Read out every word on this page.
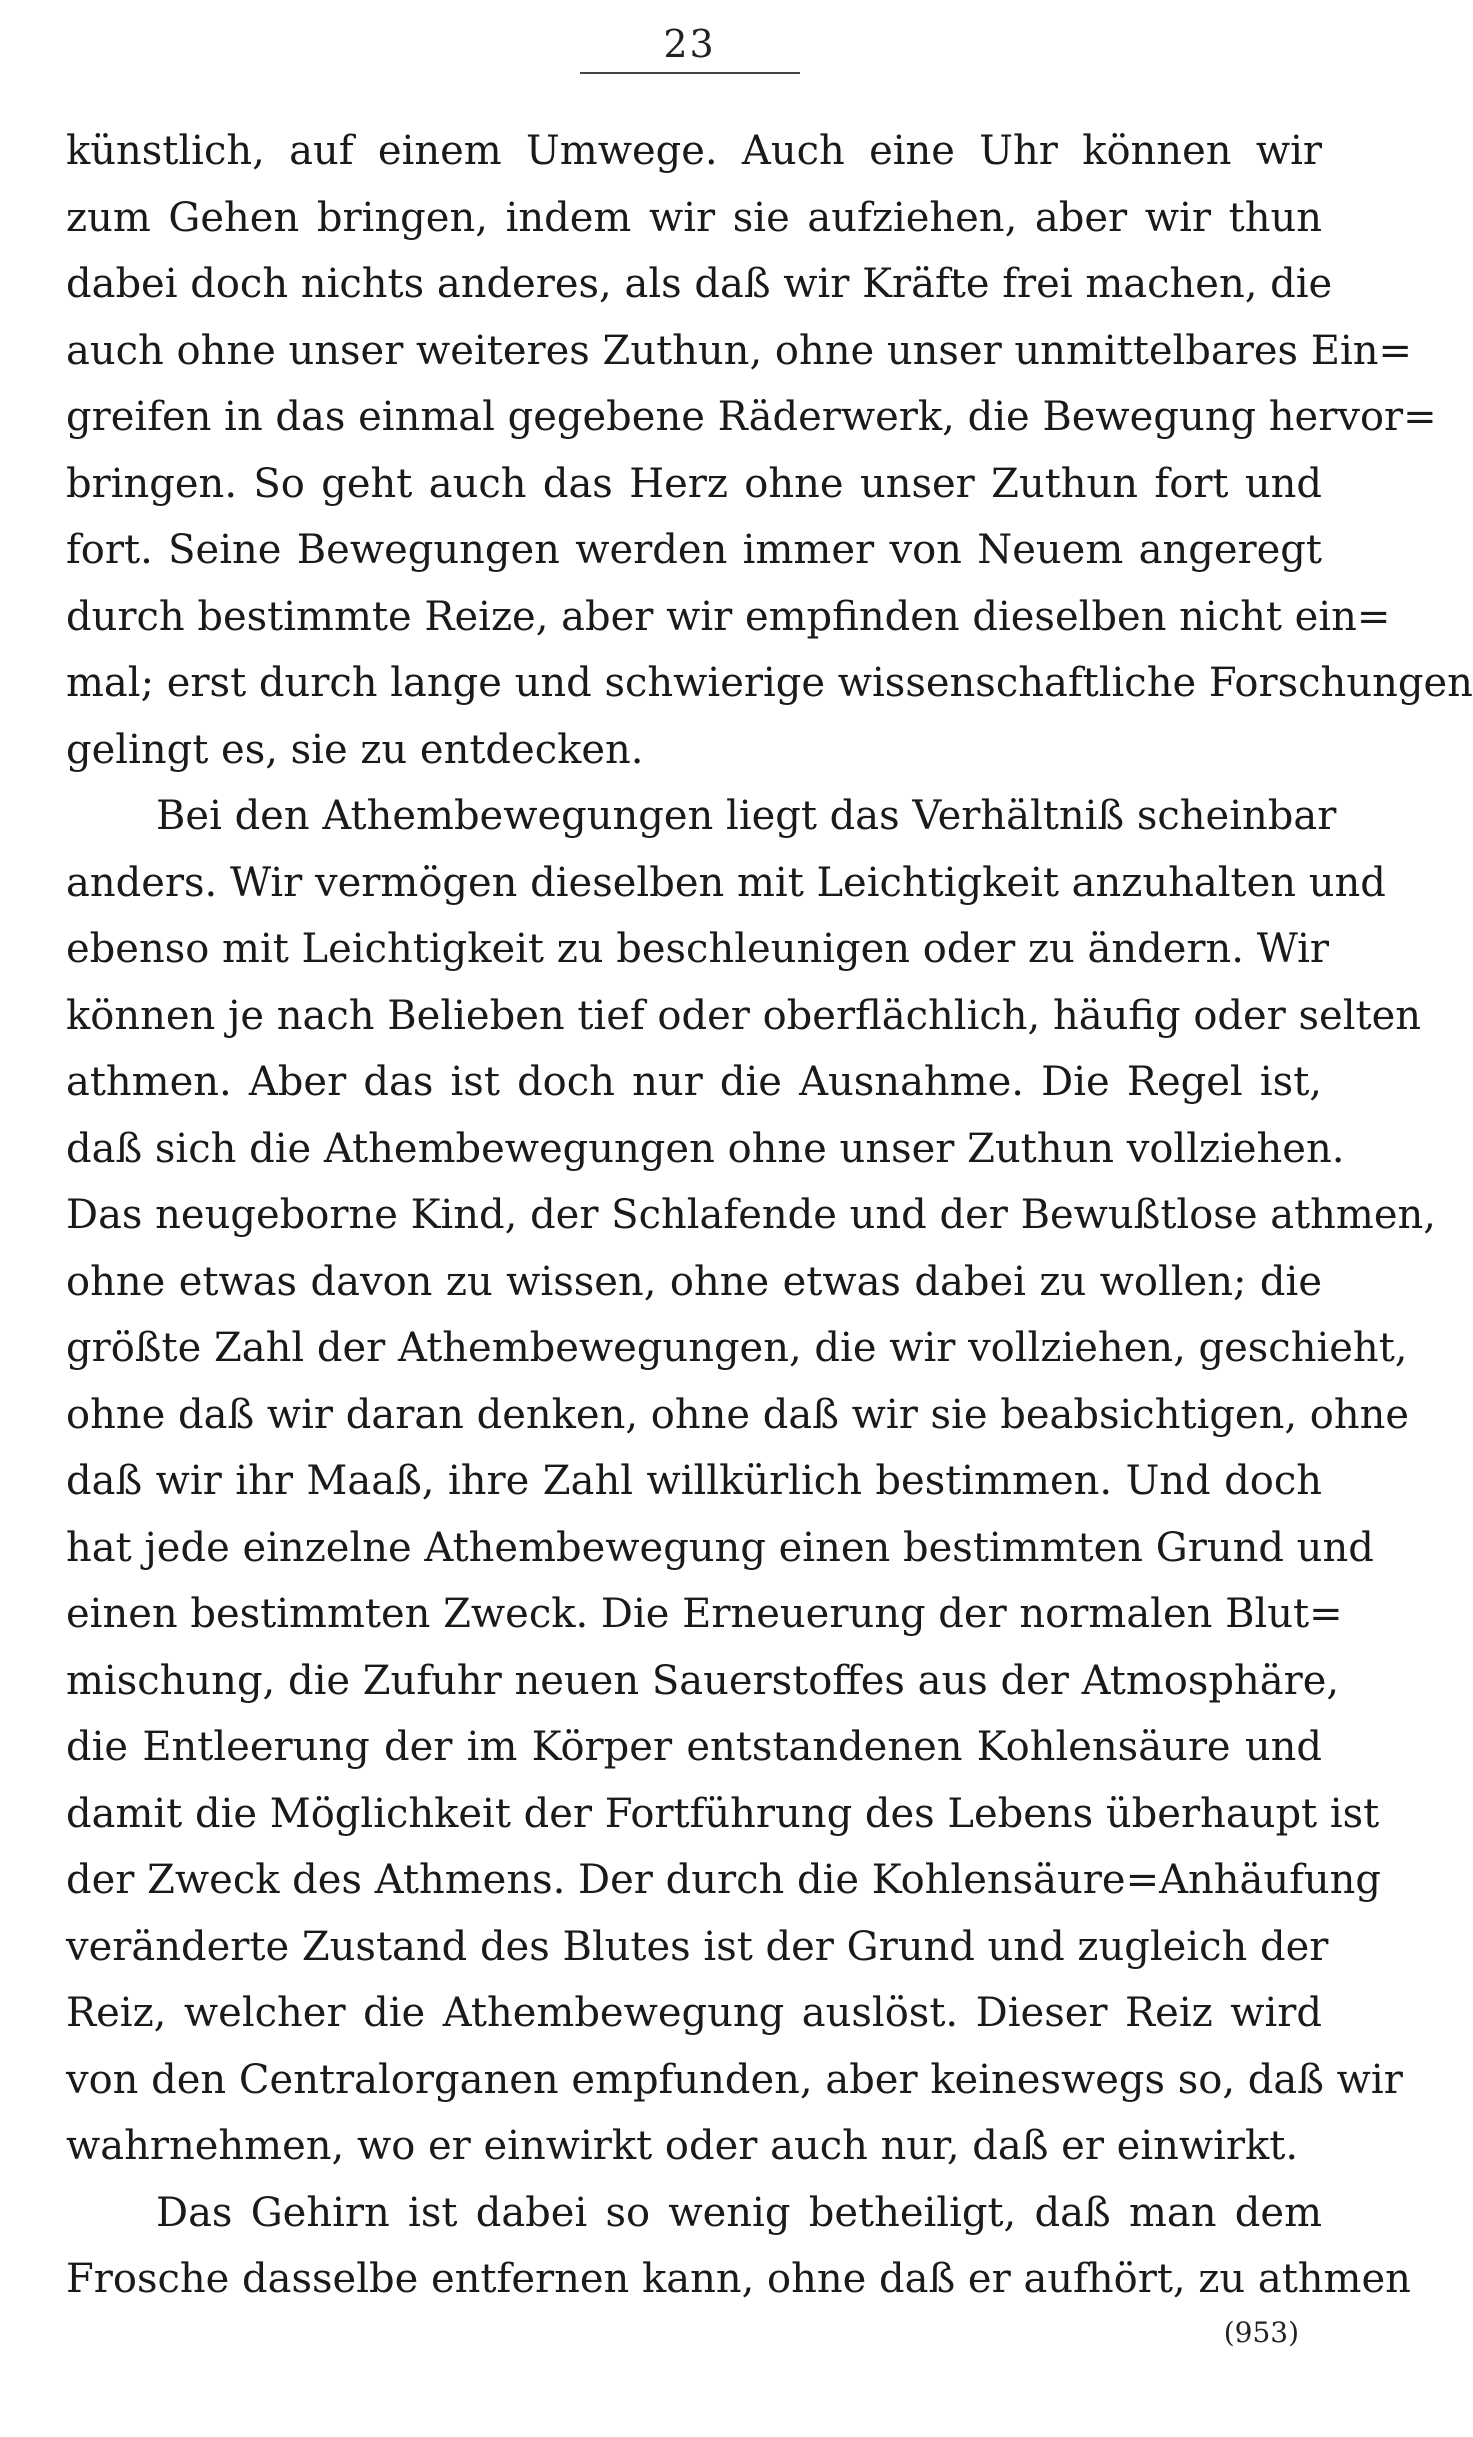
23
künstlich, auf einem Umwege. Auch eine Uhr können wir
zum Gehen bringen, indem wir sie aufziehen, aber wir thun
dabei doch nichts anderes, als daß wir Kräfte frei machen, die
auch ohne unser weiteres Zuthun, ohne unser unmittelbares Ein=
greifen in das einmal gegebene Räderwerk, die Bewegung hervor=
bringen. So geht auch das Herz ohne unser Zuthun fort und
fort. Seine Bewegungen werden immer von Neuem angeregt
durch bestimmte Reize, aber wir empfinden dieselben nicht ein=
mal; erst durch lange und schwierige wissenschaftliche Forschungen
gelingt es, sie zu entdecken.
Bei den Athembewegungen liegt das Verhältniß scheinbar
anders. Wir vermögen dieselben mit Leichtigkeit anzuhalten und
ebenso mit Leichtigkeit zu beschleunigen oder zu ändern. Wir
können je nach Belieben tief oder oberflächlich, häufig oder selten
athmen. Aber das ist doch nur die Ausnahme. Die Regel ist,
daß sich die Athembewegungen ohne unser Zuthun vollziehen.
Das neugeborne Kind, der Schlafende und der Bewußtlose athmen,
ohne etwas davon zu wissen, ohne etwas dabei zu wollen; die
größte Zahl der Athembewegungen, die wir vollziehen, geschieht,
ohne daß wir daran denken, ohne daß wir sie beabsichtigen, ohne
daß wir ihr Maaß, ihre Zahl willkürlich bestimmen. Und doch
hat jede einzelne Athembewegung einen bestimmten Grund und
einen bestimmten Zweck. Die Erneuerung der normalen Blut=
mischung, die Zufuhr neuen Sauerstoffes aus der Atmosphäre,
die Entleerung der im Körper entstandenen Kohlensäure und
damit die Möglichkeit der Fortführung des Lebens überhaupt ist
der Zweck des Athmens. Der durch die Kohlensäure=Anhäufung
veränderte Zustand des Blutes ist der Grund und zugleich der
Reiz, welcher die Athembewegung auslöst. Dieser Reiz wird
von den Centralorganen empfunden, aber keineswegs so, daß wir
wahrnehmen, wo er einwirkt oder auch nur, daß er einwirkt.
Das Gehirn ist dabei so wenig betheiligt, daß man dem
Frosche dasselbe entfernen kann, ohne daß er aufhört, zu athmen
(953)
